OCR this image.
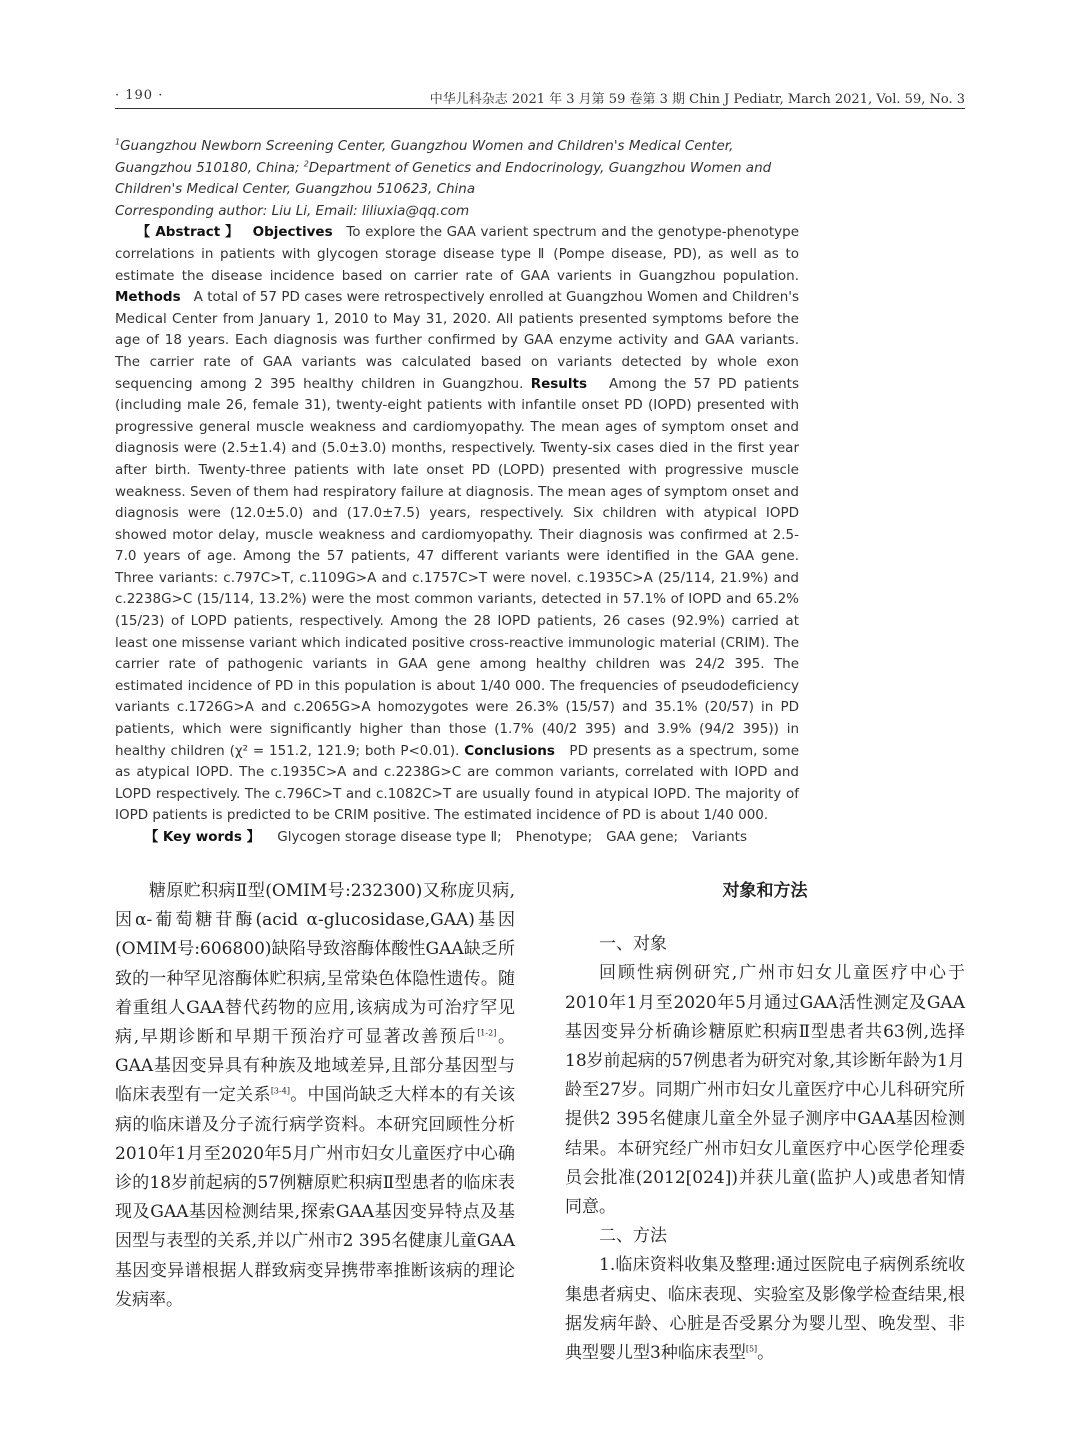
· 190 ·	中华儿科杂志 2021 年 3 月第 59 卷第 3 期 Chin J Pediatr, March 2021, Vol. 59, No. 3

$^1$Guangzhou Newborn Screening Center, Guangzhou Women and Children's Medical Center, Guangzhou 510180, China; $^2$Department of Genetics and Endocrinology, Guangzhou Women and Children's Medical Center, Guangzhou 510623, China

Corresponding author: Liu Li, Email: liliuxia@qq.com

【 Abstract 】 Objectives To explore the GAA varient spectrum and the genotype-phenotype correlations in patients with glycogen storage disease type Ⅱ (Pompe disease, PD), as well as to estimate the disease incidence based on carrier rate of GAA varients in Guangzhou population. Methods A total of 57 PD cases were retrospectively enrolled at Guangzhou Women and Children's Medical Center from January 1, 2010 to May 31, 2020. All patients presented symptoms before the age of 18 years. Each diagnosis was further confirmed by GAA enzyme activity and GAA variants. The carrier rate of GAA variants was calculated based on variants detected by whole exon sequencing among 2 395 healthy children in Guangzhou. Results Among the 57 PD patients (including male 26, female 31), twenty-eight patients with infantile onset PD (IOPD) presented with progressive general muscle weakness and cardiomyopathy. The mean ages of symptom onset and diagnosis were (2.5±1.4) and (5.0±3.0) months, respectively. Twenty-six cases died in the first year after birth. Twenty-three patients with late onset PD (LOPD) presented with progressive muscle weakness. Seven of them had respiratory failure at diagnosis. The mean ages of symptom onset and diagnosis were (12.0±5.0) and (17.0±7.5) years, respectively. Six children with atypical IOPD showed motor delay, muscle weakness and cardiomyopathy. Their diagnosis was confirmed at 2.5-7.0 years of age. Among the 57 patients, 47 different variants were identified in the GAA gene. Three variants: c.797C>T, c.1109G>A and c.1757C>T were novel. c.1935C>A (25/114, 21.9%) and c.2238G>C (15/114, 13.2%) were the most common variants, detected in 57.1% of IOPD and 65.2% (15/23) of LOPD patients, respectively. Among the 28 IOPD patients, 26 cases (92.9%) carried at least one missense variant which indicated positive cross-reactive immunologic material (CRIM). The carrier rate of pathogenic variants in GAA gene among healthy children was 24/2 395. The estimated incidence of PD in this population is about 1/40 000. The frequencies of pseudodeficiency variants c.1726G>A and c.2065G>A homozygotes were 26.3% (15/57) and 35.1% (20/57) in PD patients, which were significantly higher than those (1.7% (40/2 395) and 3.9% (94/2 395)) in healthy children (χ² = 151.2, 121.9; both P<0.01). Conclusions PD presents as a spectrum, some as atypical IOPD. The c.1935C>A and c.2238G>C are common variants, correlated with IOPD and LOPD respectively. The c.796C>T and c.1082C>T are usually found in atypical IOPD. The majority of IOPD patients is predicted to be CRIM positive. The estimated incidence of PD is about 1/40 000.

【 Key words 】 Glycogen storage disease type Ⅱ; Phenotype; GAA gene; Variants

糖原贮积病Ⅱ型(OMIM号:232300)又称庞贝病,因α-葡萄糖苷酶(acid α-glucosidase,GAA)基因(OMIM号:606800)缺陷导致溶酶体酸性GAA缺乏所致的一种罕见溶酶体贮积病,呈常染色体隐性遗传。随着重组人GAA替代药物的应用,该病成为可治疗罕见病,早期诊断和早期干预治疗可显著改善预后[1-2]。GAA基因变异具有种族及地域差异,且部分基因型与临床表型有一定关系[3-4]。中国尚缺乏大样本的有关该病的临床谱及分子流行病学资料。本研究回顾性分析2010年1月至2020年5月广州市妇女儿童医疗中心确诊的18岁前起病的57例糖原贮积病Ⅱ型患者的临床表现及GAA基因检测结果,探索GAA基因变异特点及基因型与表型的关系,并以广州市2 395名健康儿童GAA基因变异谱根据人群致病变异携带率推断该病的理论发病率。

对象和方法

一、对象

回顾性病例研究,广州市妇女儿童医疗中心于2010年1月至2020年5月通过GAA活性测定及GAA基因变异分析确诊糖原贮积病Ⅱ型患者共63例,选择18岁前起病的57例患者为研究对象,其诊断年龄为1月龄至27岁。同期广州市妇女儿童医疗中心儿科研究所提供2 395名健康儿童全外显子测序中GAA基因检测结果。本研究经广州市妇女儿童医疗中心医学伦理委员会批准(2012[024])并获儿童(监护人)或患者知情同意。

二、方法

1.临床资料收集及整理:通过医院电子病例系统收集患者病史、临床表现、实验室及影像学检查结果,根据发病年龄、心脏是否受累分为婴儿型、晚发型、非典型婴儿型3种临床表型[5]。
